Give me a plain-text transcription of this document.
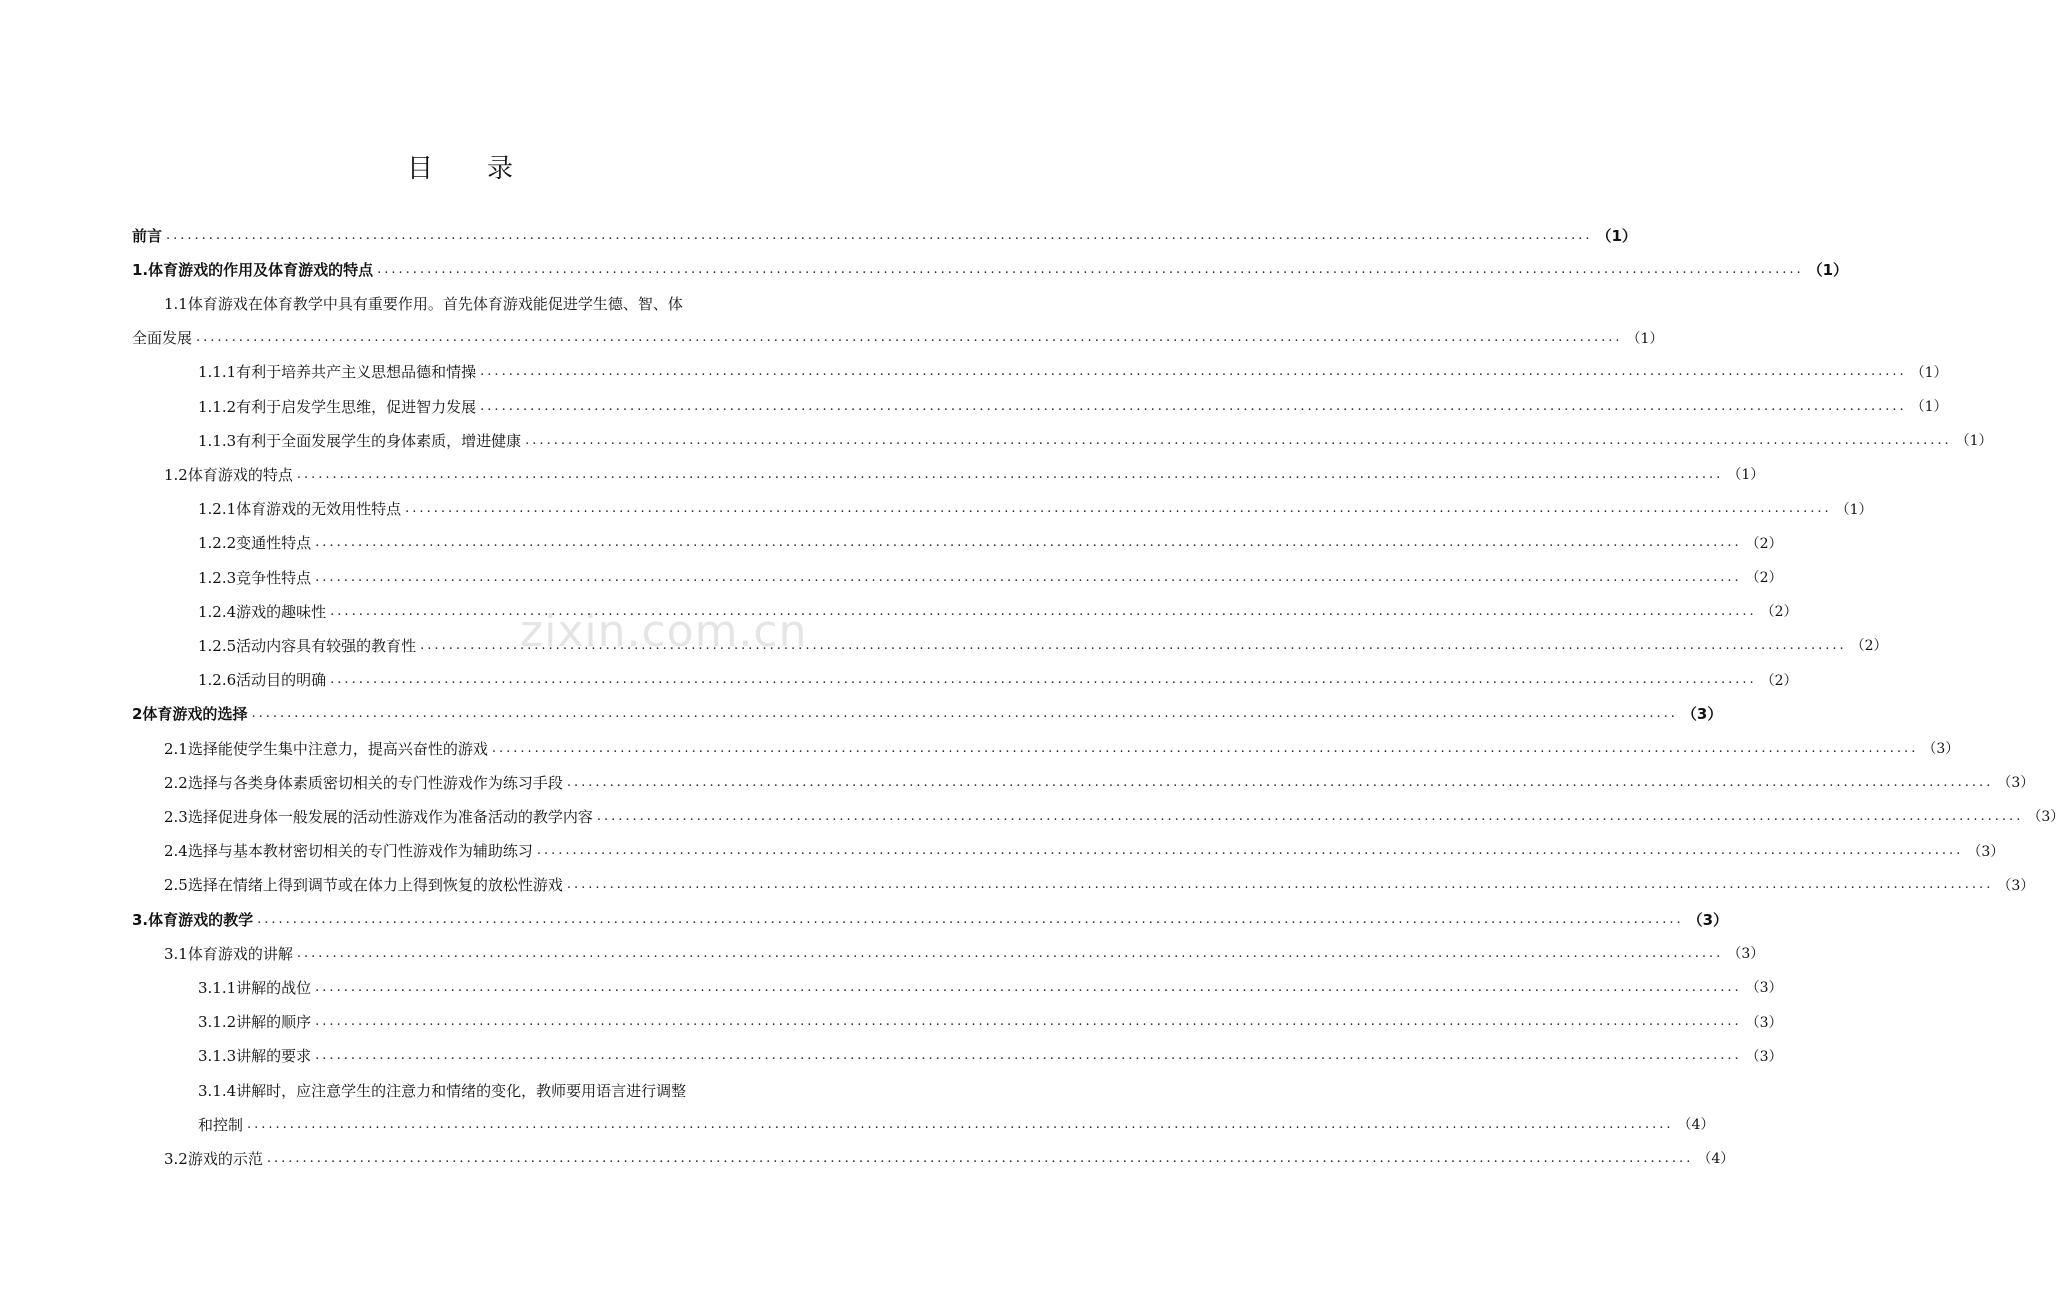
目　录
zixin.com.cn
前言 ........................................................................................................................................................................................................ （1）
1.体育游戏的作用及体育游戏的特点 ........................................................................................................................................................................................................ （1）
1.1体育游戏在体育教学中具有重要作用。首先体育游戏能促进学生德、智、体
全面发展 ........................................................................................................................................................................................................ （1）
1.1.1有利于培养共产主义思想品德和情操 ........................................................................................................................................................................................................ （1）
1.1.2有利于启发学生思维，促进智力发展 ........................................................................................................................................................................................................ （1）
1.1.3有利于全面发展学生的身体素质，增进健康 ........................................................................................................................................................................................................ （1）
1.2体育游戏的特点 ........................................................................................................................................................................................................ （1）
1.2.1体育游戏的无效用性特点 ........................................................................................................................................................................................................ （1）
1.2.2变通性特点 ........................................................................................................................................................................................................ （2）
1.2.3竞争性特点 ........................................................................................................................................................................................................ （2）
1.2.4游戏的趣味性 ........................................................................................................................................................................................................ （2）
1.2.5活动内容具有较强的教育性 ........................................................................................................................................................................................................ （2）
1.2.6活动目的明确 ........................................................................................................................................................................................................ （2）
2体育游戏的选择 ........................................................................................................................................................................................................ （3）
2.1选择能使学生集中注意力，提高兴奋性的游戏 ........................................................................................................................................................................................................ （3）
2.2选择与各类身体素质密切相关的专门性游戏作为练习手段 ........................................................................................................................................................................................................ （3）
2.3选择促进身体一般发展的活动性游戏作为准备活动的教学内容 ........................................................................................................................................................................................................ （3）
2.4选择与基本教材密切相关的专门性游戏作为辅助练习 ........................................................................................................................................................................................................ （3）
2.5选择在情绪上得到调节或在体力上得到恢复的放松性游戏 ........................................................................................................................................................................................................ （3）
3.体育游戏的教学 ........................................................................................................................................................................................................ （3）
3.1体育游戏的讲解 ........................................................................................................................................................................................................ （3）
3.1.1讲解的战位 ........................................................................................................................................................................................................ （3）
3.1.2讲解的顺序 ........................................................................................................................................................................................................ （3）
3.1.3讲解的要求 ........................................................................................................................................................................................................ （3）
3.1.4讲解时，应注意学生的注意力和情绪的变化，教师要用语言进行调整
和控制 ........................................................................................................................................................................................................ （4）
3.2游戏的示范 ........................................................................................................................................................................................................ （4）
